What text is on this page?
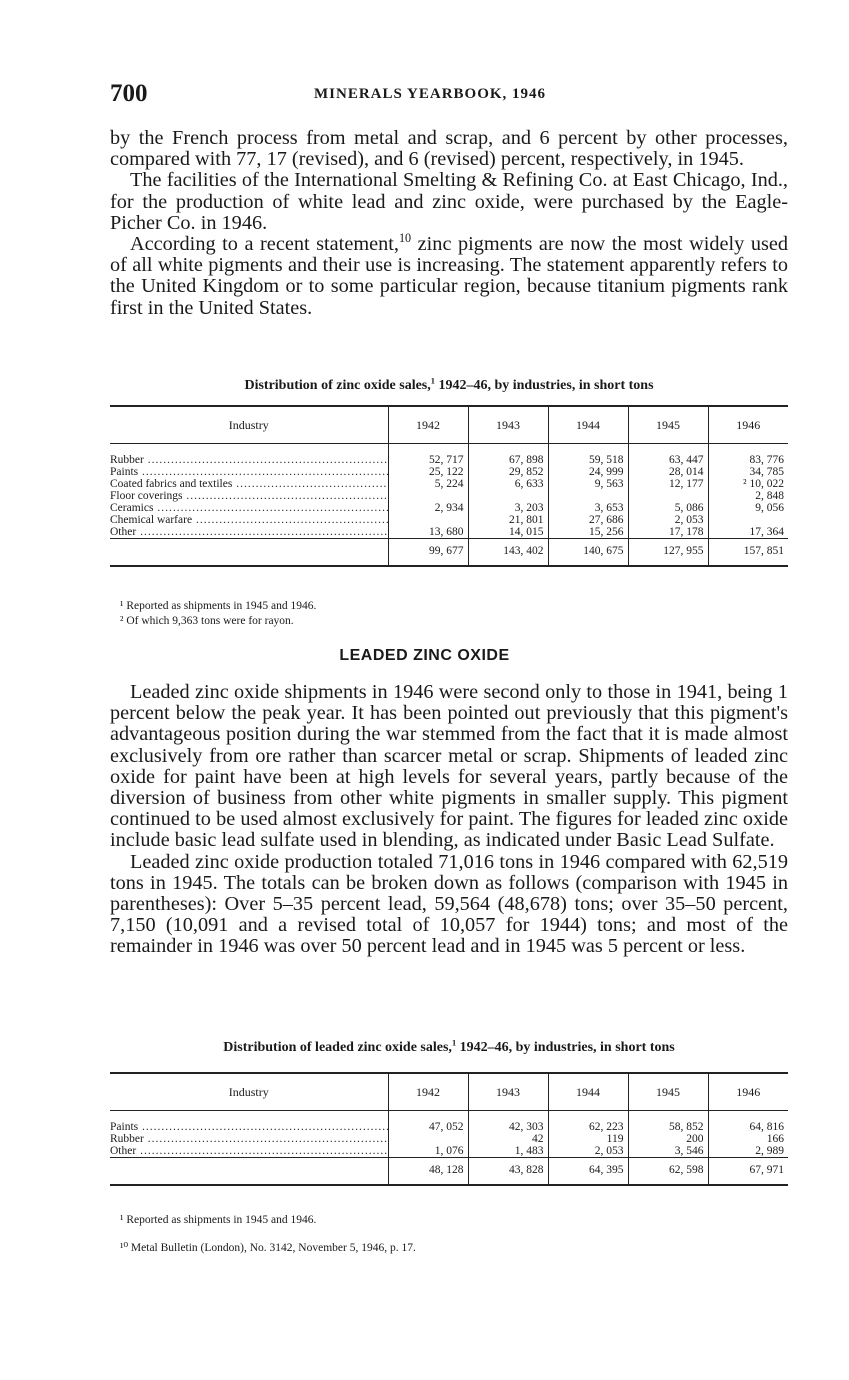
700	MINERALS YEARBOOK, 1946

by the French process from metal and scrap, and 6 percent by other processes, compared with 77, 17 (revised), and 6 (revised) percent, respectively, in 1945.

The facilities of the International Smelting & Refining Co. at East Chicago, Ind., for the production of white lead and zinc oxide, were purchased by the Eagle-Picher Co. in 1946.

According to a recent statement,$^{10}$ zinc pigments are now the most widely used of all white pigments and their use is increasing. The statement apparently refers to the United Kingdom or to some particular region, because titanium pigments rank first in the United States.

Distribution of zinc oxide sales,$^1$ 1942–46, by industries, in short tons

Industry	1942	1943	1944	1945	1946

Rubber .....	52, 717	67, 898	59, 518	63, 447	83, 776
Paints .....	25, 122	29, 852	24, 999	28, 014	34, 785
Coated fabrics and textiles .....	5, 224	6, 633	9, 563	12, 177	² 10, 022
Floor coverings .....					2, 848
Ceramics .....	2, 934	3, 203	3, 653	5, 086	9, 056
Chemical warfare .....		21, 801	27, 686	2, 053	
Other .....	13, 680	14, 015	15, 256	17, 178	17, 364
	99, 677	143, 402	140, 675	127, 955	157, 851

¹ Reported as shipments in 1945 and 1946.

² Of which 9,363 tons were for rayon.

LEADED ZINC OXIDE

Leaded zinc oxide shipments in 1946 were second only to those in 1941, being 1 percent below the peak year. It has been pointed out previously that this pigment's advantageous position during the war stemmed from the fact that it is made almost exclusively from ore rather than scarcer metal or scrap. Shipments of leaded zinc oxide for paint have been at high levels for several years, partly because of the diversion of business from other white pigments in smaller supply. This pigment continued to be used almost exclusively for paint. The figures for leaded zinc oxide include basic lead sulfate used in blending, as indicated under Basic Lead Sulfate.

Leaded zinc oxide production totaled 71,016 tons in 1946 compared with 62,519 tons in 1945. The totals can be broken down as follows (comparison with 1945 in parentheses): Over 5–35 percent lead, 59,564 (48,678) tons; over 35–50 percent, 7,150 (10,091 and a revised total of 10,057 for 1944) tons; and most of the remainder in 1946 was over 50 percent lead and in 1945 was 5 percent or less.

Distribution of leaded zinc oxide sales,$^1$ 1942–46, by industries, in short tons

Industry	1942	1943	1944	1945	1946

Paints .....	47, 052	42, 303	62, 223	58, 852	64, 816
Rubber .....		42	119	200	166
Other .....	1, 076	1, 483	2, 053	3, 546	2, 989
	48, 128	43, 828	64, 395	62, 598	67, 971

¹ Reported as shipments in 1945 and 1946.

¹⁰ Metal Bulletin (London), No. 3142, November 5, 1946, p. 17.
